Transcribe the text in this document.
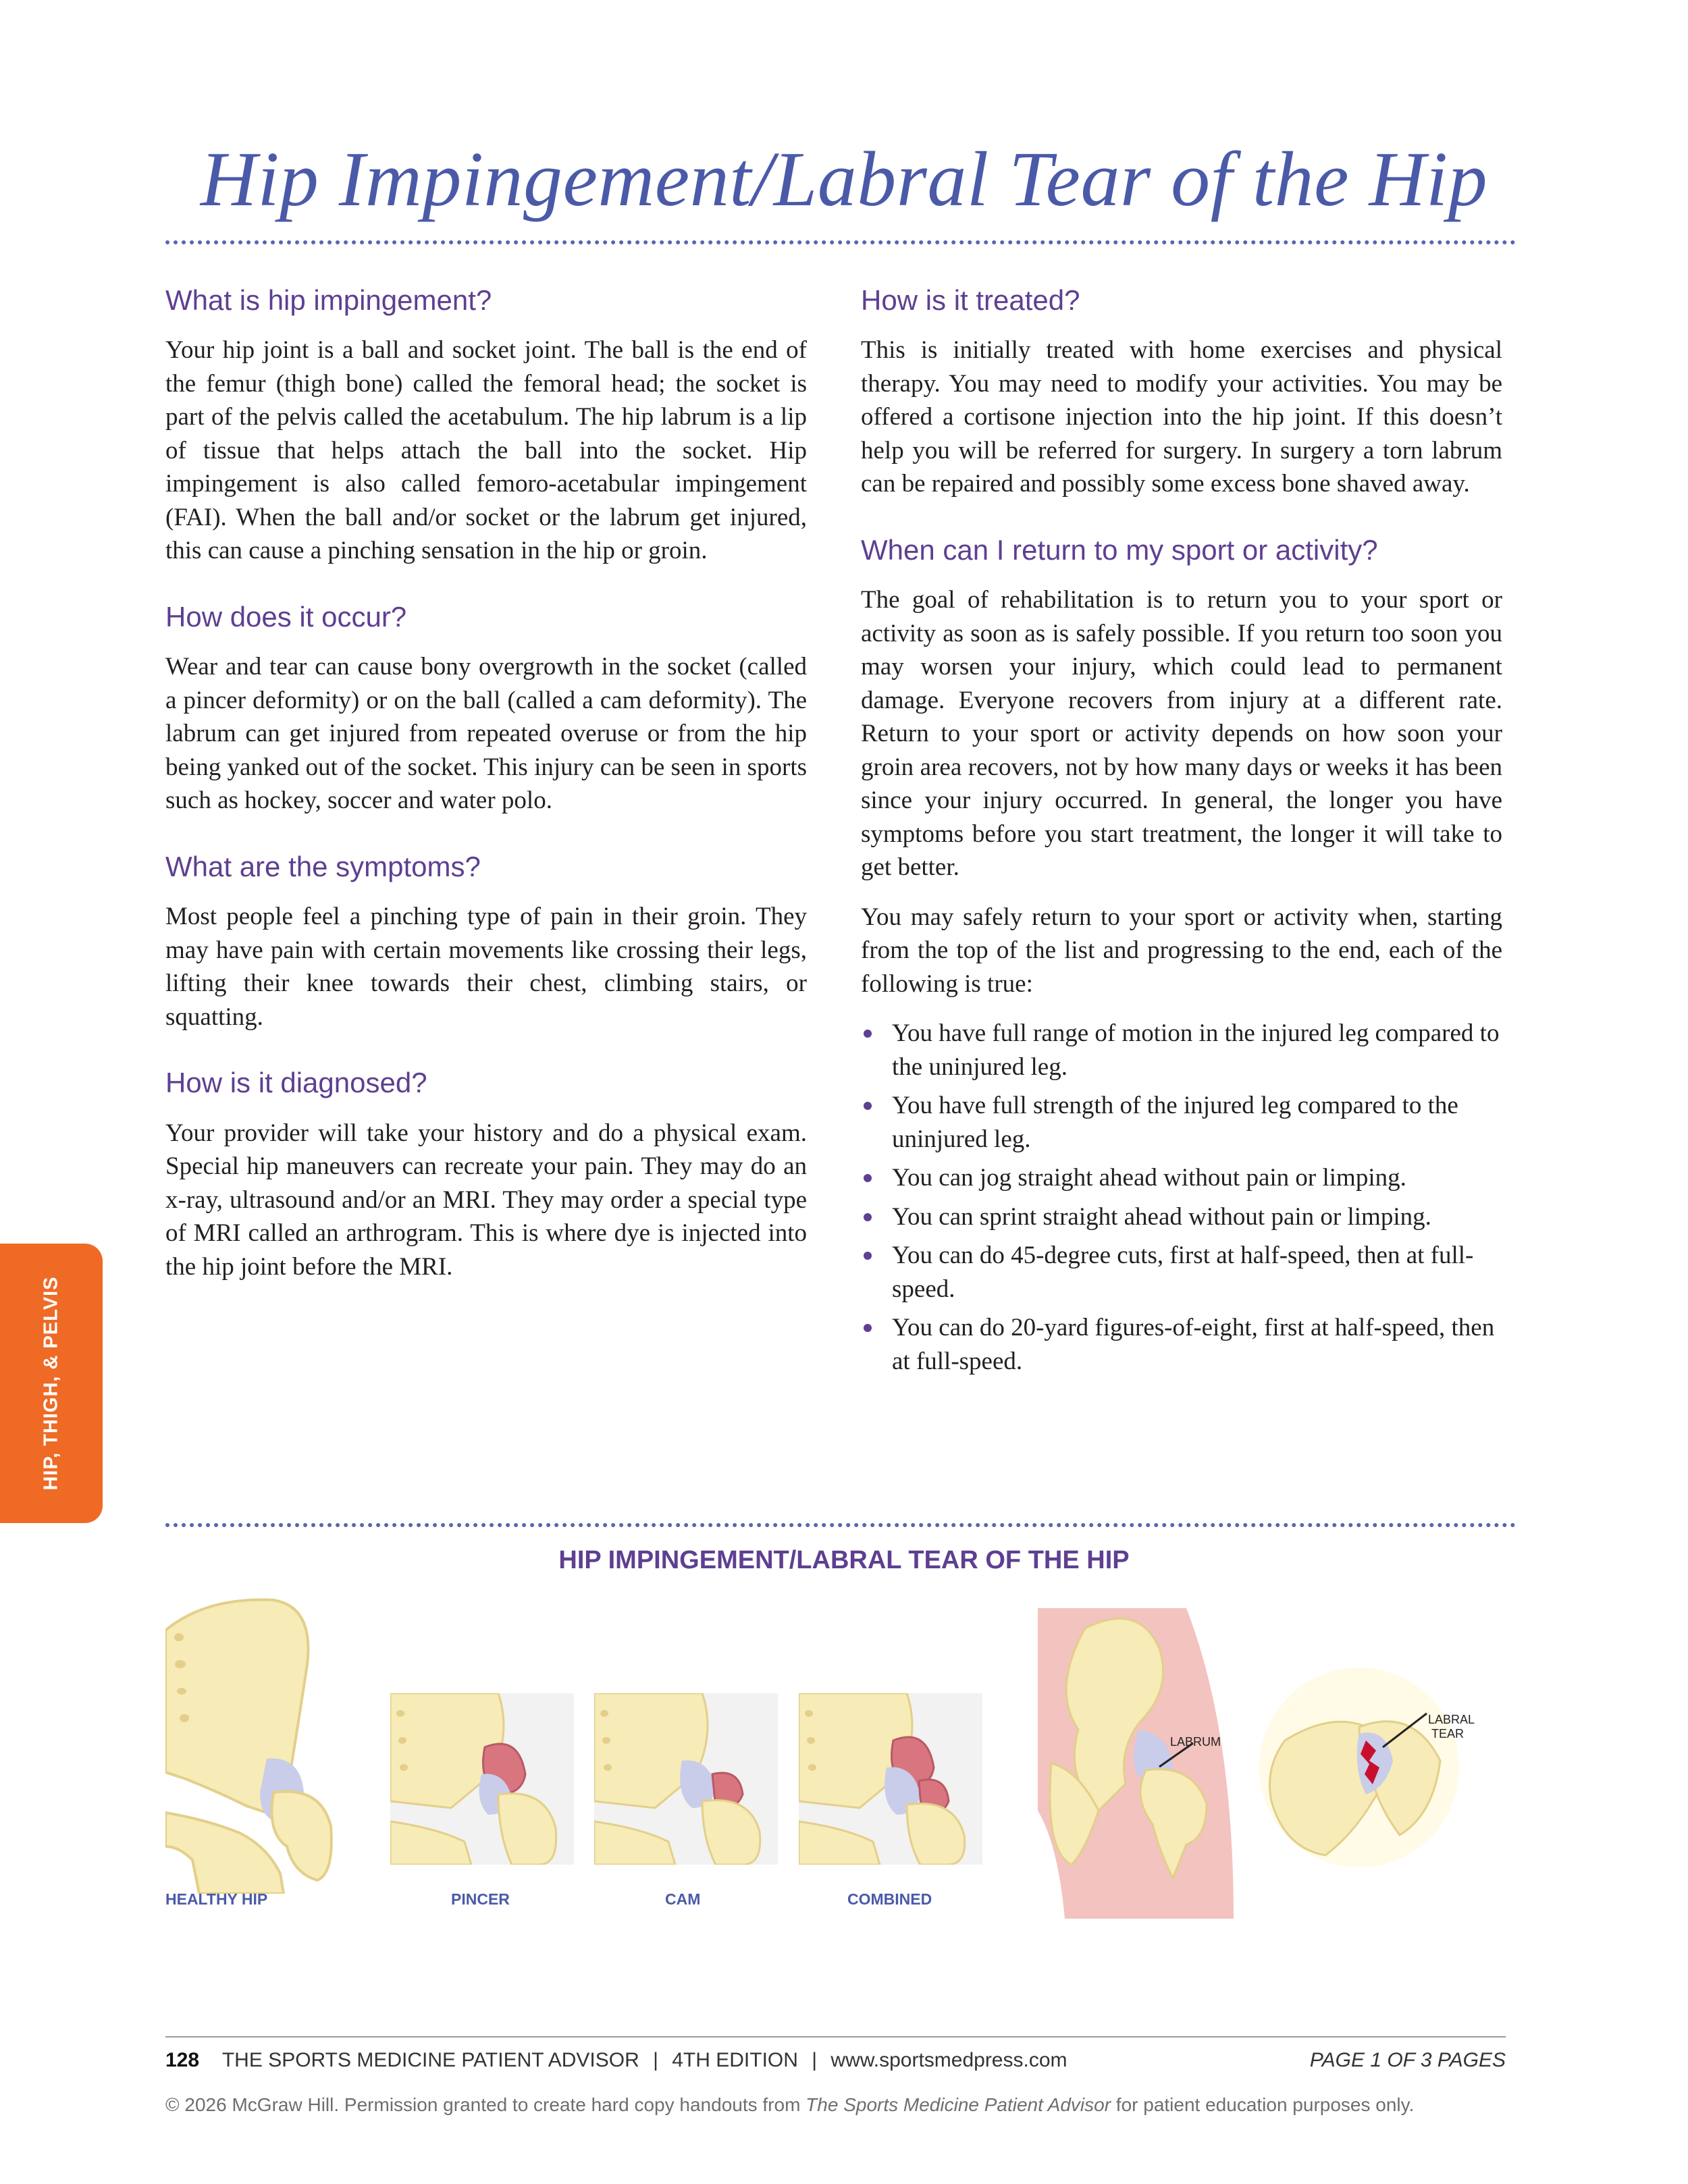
Hip Impingement/Labral Tear of the Hip
HIP, THIGH, & PELVIS
What is hip impingement?

Your hip joint is a ball and socket joint. The ball is the end of the femur (thigh bone) called the femoral head; the socket is part of the pelvis called the acetabulum. The hip labrum is a lip of tissue that helps attach the ball into the socket. Hip impingement is also called femoro-acetabular impingement (FAI). When the ball and/or socket or the labrum get injured, this can cause a pinching sensation in the hip or groin.

How does it occur?

Wear and tear can cause bony overgrowth in the socket (called a pincer deformity) or on the ball (called a cam deformity). The labrum can get injured from repeated overuse or from the hip being yanked out of the socket. This injury can be seen in sports such as hockey, soccer and water polo.

What are the symptoms?

Most people feel a pinching type of pain in their groin. They may have pain with certain movements like crossing their legs, lifting their knee towards their chest, climbing stairs, or squatting.

How is it diagnosed?

Your provider will take your history and do a physical exam. Special hip maneuvers can recreate your pain. They may do an x-ray, ultrasound and/or an MRI. They may order a special type of MRI called an arthrogram. This is where dye is injected into the hip joint before the MRI.

How is it treated?

This is initially treated with home exercises and physical therapy. You may need to modify your activities. You may be offered a cortisone injection into the hip joint. If this doesn’t help you will be referred for surgery. In surgery a torn labrum can be repaired and possibly some excess bone shaved away.

When can I return to my sport or activity?

The goal of rehabilitation is to return you to your sport or activity as soon as is safely possible. If you return too soon you may worsen your injury, which could lead to permanent damage. Everyone recovers from injury at a different rate. Return to your sport or activity depends on how soon your groin area recovers, not by how many days or weeks it has been since your injury occurred. In general, the longer you have symptoms before you start treatment, the longer it will take to get better.

You may safely return to your sport or activity when, starting from the top of the list and progressing to the end, each of the following is true:

You have full range of motion in the injured leg compared to the uninjured leg.
You have full strength of the injured leg compared to the uninjured leg.
You can jog straight ahead without pain or limping.
You can sprint straight ahead without pain or limping.
You can do 45-degree cuts, first at half-speed, then at full-speed.
You can do 20-yard figures-of-eight, first at half-speed, then at full-speed.
HIP IMPINGEMENT/LABRAL TEAR OF THE HIP
HEALTHY HIP	PINCER	CAM	COMBINED
LABRUM
LABRAL
TEAR
128 THE SPORTS MEDICINE PATIENT ADVISOR | 4TH EDITION | www.sportsmedpress.com	PAGE 1 OF 3 PAGES
© 2026 McGraw Hill. Permission granted to create hard copy handouts from The Sports Medicine Patient Advisor for patient education purposes only.
